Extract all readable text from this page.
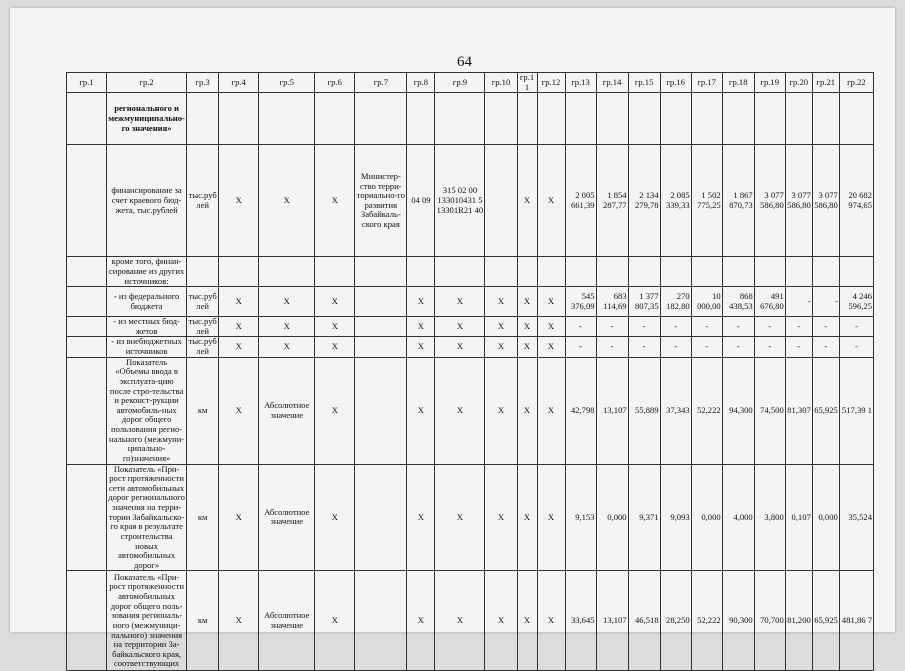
64
гр.1	гр.2	гр.3	гр.4	гр.5	гр.6	гр.7	гр.8	гр.9	гр.10	гр.1 1	гр.12	гр.13	гр.14	гр.15	гр.16	гр.17	гр.18	гр.19	гр.20	гр.21	гр.22
	регионального и межмуниципально-го значения»																				
	финансирование за счет краевого бюд-жета, тыс.рублей	тыс.руб лей	X	X	X	Министер-ство терри-ториально-го развития Забайкаль-ского края	04 09	315 02 00 133010431 5 13301R21 40		X	X	2 005 661,39	1 854 287,77	2 134 279,78	2 085 339,33	1 502 775,25	1 867 870,73	3 077 586,80	3 077 586,80	3 077 586,80	20 682 974,65
	кроме того, финан-сирование из других источников:																				
	- из федерального бюджета	тыс.руб лей	X	X	X		X	X	X	X	X	545 376,09	683 114,69	1 377 807,35	270 182,80	10 000,00	868 438,53	491 676,80	-	-	4 246 596,25
	- из местных бюд-жетов	тыс.руб лей	X	X	X		X	X	X	X	X	-	-	-	-	-	-	-	-	-	-
	- из внебюджетных источников	тыс.руб лей	X	X	X		X	X	X	X	X	-	-	-	-	-	-	-	-	-	-
	Показатель «Объемы ввода в эксплуата-цию после стро-тельства и реконст-рукции автомобиль-ных дорог общего пользования регио-нального (межмуни-ципально-го)значения»	км	X	Абсолютное значение	X		X	X	X	X	X	42,798	13,107	55,889	37,343	52,222	94,300	74,500	81,307	65,925	517,39 1
	Показатель «При-рост протяженности сети автомобильных дорог регионального значения на терри-тории Забайкальско-го края в результате строительства новых автомобильных дорог»	км	X	Абсолютное значение	X		X	X	X	X	X	9,153	0,000	9,371	9,093	0,000	4,000	3,800	0,107	0,000	35,524
	Показатель «При-рост протяженности автомобильных дорог общего поль-зования региональ-ного (межмуници-пального) значения на территории За-байкальского края, соответствующих	км	X	Абсолютное значение	X		X	X	X	X	X	33,645	13,107	46,518	28,250	52,222	90,300	70,700	81,200	65,925	481,86 7
